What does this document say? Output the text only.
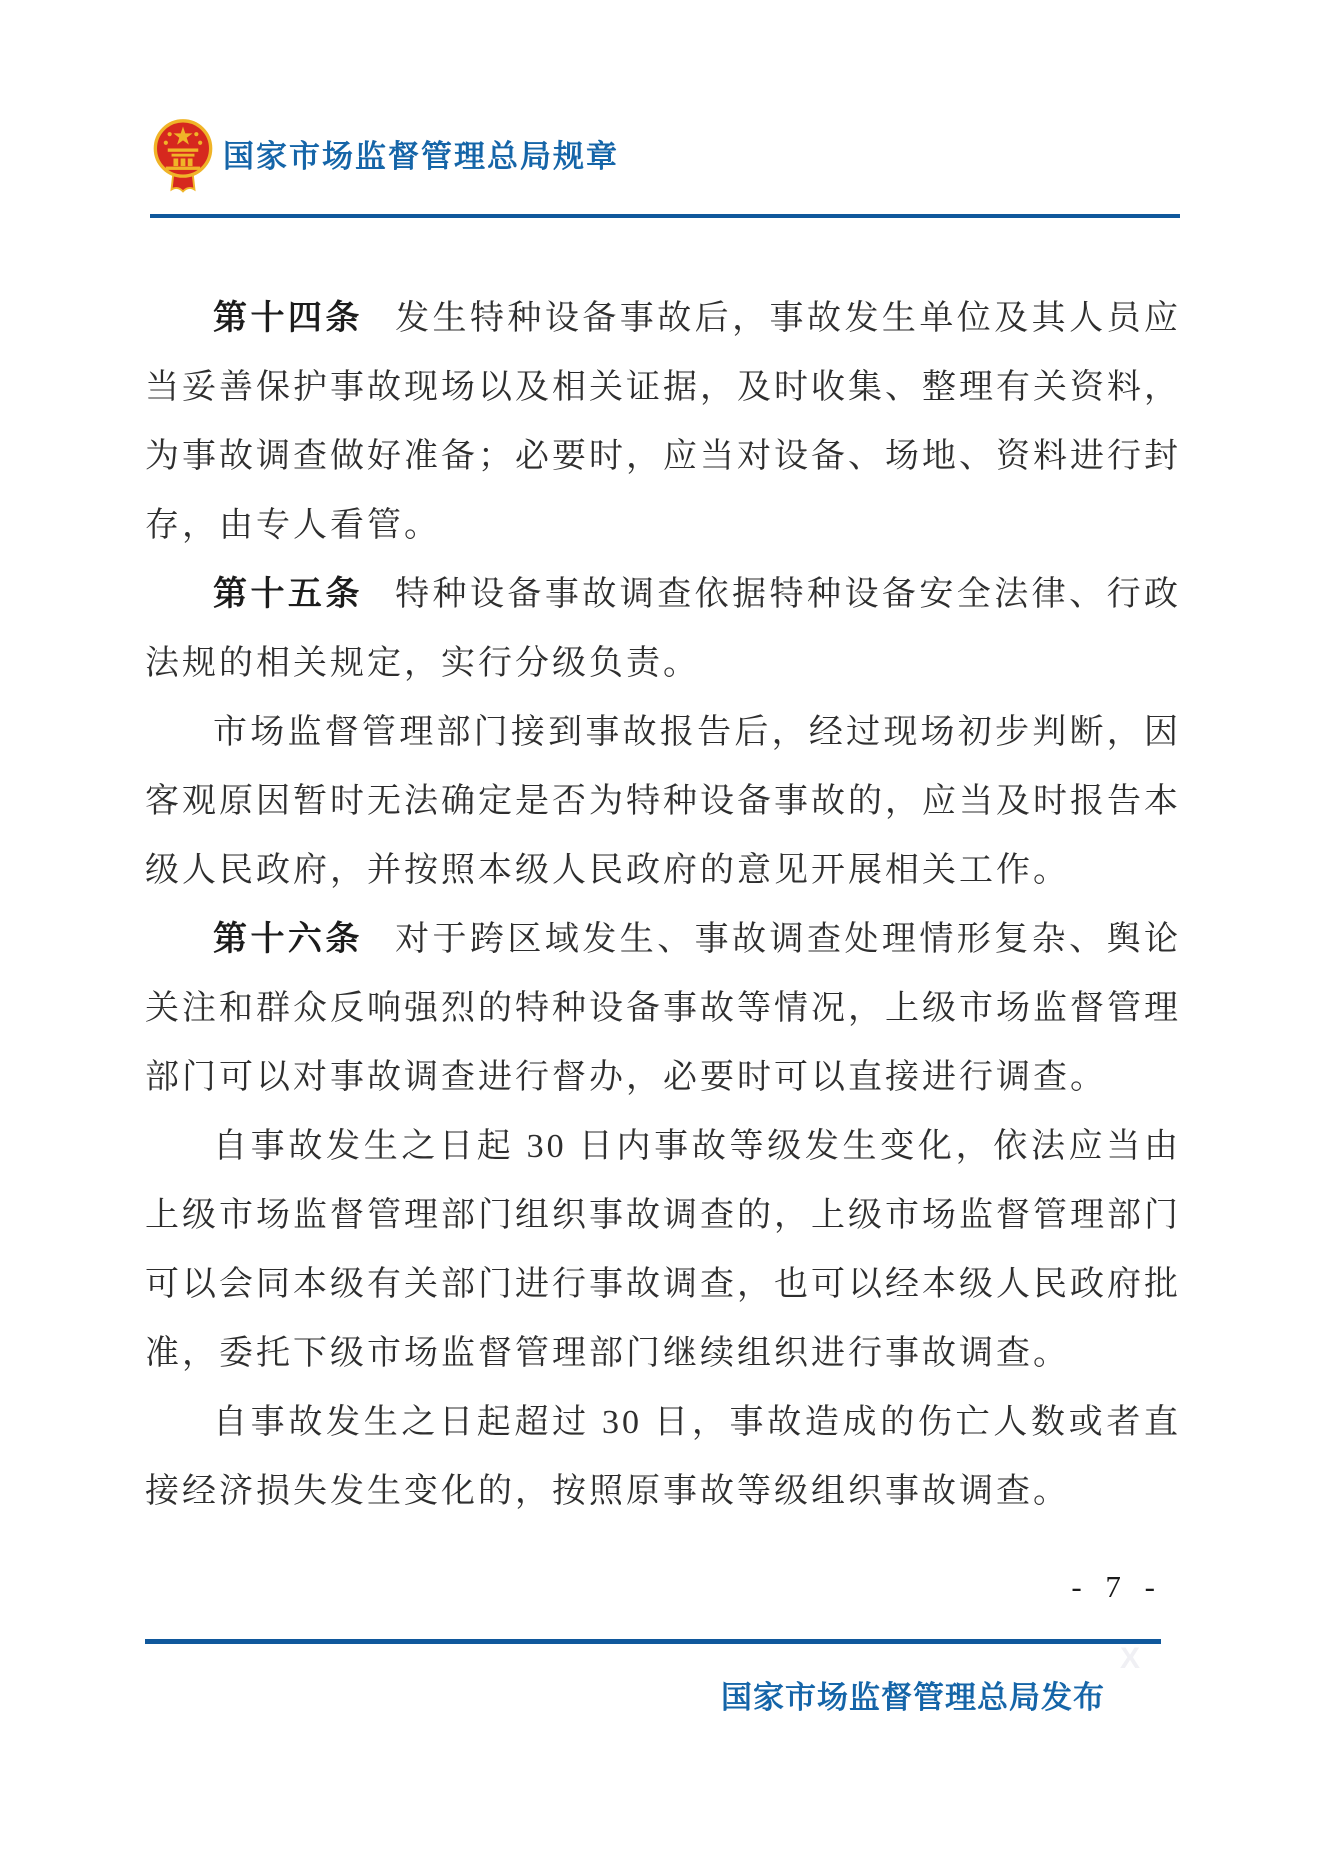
国家市场监督管理总局规章

第十四条 发生特种设备事故后，事故发生单位及其人员应当妥善保护事故现场以及相关证据，及时收集、整理有关资料，为事故调查做好准备；必要时，应当对设备、场地、资料进行封存，由专人看管。

第十五条 特种设备事故调查依据特种设备安全法律、行政法规的相关规定，实行分级负责。

市场监督管理部门接到事故报告后，经过现场初步判断，因客观原因暂时无法确定是否为特种设备事故的，应当及时报告本级人民政府，并按照本级人民政府的意见开展相关工作。

第十六条 对于跨区域发生、事故调查处理情形复杂、舆论关注和群众反响强烈的特种设备事故等情况，上级市场监督管理部门可以对事故调查进行督办，必要时可以直接进行调查。

自事故发生之日起 30 日内事故等级发生变化，依法应当由上级市场监督管理部门组织事故调查的，上级市场监督管理部门可以会同本级有关部门进行事故调查，也可以经本级人民政府批准，委托下级市场监督管理部门继续组织进行事故调查。

自事故发生之日起超过 30 日，事故造成的伤亡人数或者直接经济损失发生变化的，按照原事故等级组织事故调查。

- 7 -
X
国家市场监督管理总局发布
